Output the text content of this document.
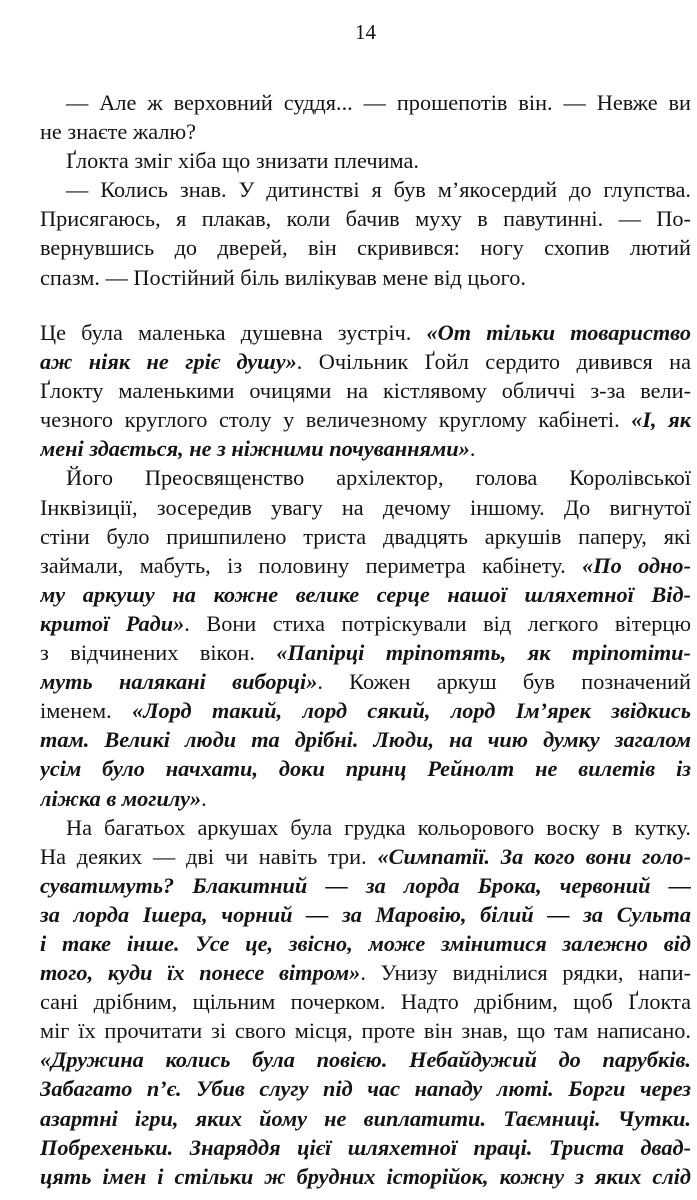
14
— Але ж верховний суддя... — прошепотів він. — Невже ви
не знаєте жалю?
Ґлокта зміг хіба що знизати плечима.
— Колись знав. У дитинстві я був м’якосердий до глупства.
Присягаюсь, я плакав, коли бачив муху в павутинні. — По-
вернувшись до дверей, він скривився: ногу схопив лютий
спазм. — Постійний біль вилікував мене від цього.
Це була маленька душевна зустріч. «От тільки товариство
аж ніяк не гріє душу». Очільник Ґойл сердито дивився на
Ґлокту маленькими очицями на кістлявому обличчі з-за вели-
чезного круглого столу у величезному круглому кабінеті. «І, як
мені здається, не з ніжними почуваннями».
Його Преосвященство архілектор, голова Королівської
Інквізиції, зосередив увагу на дечому іншому. До вигнутої
стіни було пришпилено триста двадцять аркушів паперу, які
займали, мабуть, із половину периметра кабінету. «По одно-
му аркушу на кожне велике серце нашої шляхетної Від-
критої Ради». Вони стиха потріскували від легкого вітерцю
з відчинених вікон. «Папірці тріпотять, як тріпотіти-
муть налякані виборці». Кожен аркуш був позначений
іменем. «Лорд такий, лорд сякий, лорд Ім’ярек звідкись
там. Великі люди та дрібні. Люди, на чию думку загалом
усім було начхати, доки принц Рейнолт не вилетів із
ліжка в могилу».
На багатьох аркушах була грудка кольорового воску в кутку.
На деяких — дві чи навіть три. «Симпатії. За кого вони голо-
суватимуть? Блакитний — за лорда Брока, червоний —
за лорда Ішера, чорний — за Маровію, білий — за Сульта
і таке інше. Усе це, звісно, може змінитися залежно від
того, куди їх понесе вітром». Унизу виднілися рядки, напи-
сані дрібним, щільним почерком. Надто дрібним, щоб Ґлокта
міг їх прочитати зі свого місця, проте він знав, що там написано.
«Дружина колись була повією. Небайдужий до парубків.
Забагато п’є. Убив слугу під час нападу люті. Борги через
азартні ігри, яких йому не виплатити. Таємниці. Чутки.
Побрехеньки. Знаряддя цієї шляхетної праці. Триста двад-
цять імен і стільки ж брудних історійок, кожну з яких слід
